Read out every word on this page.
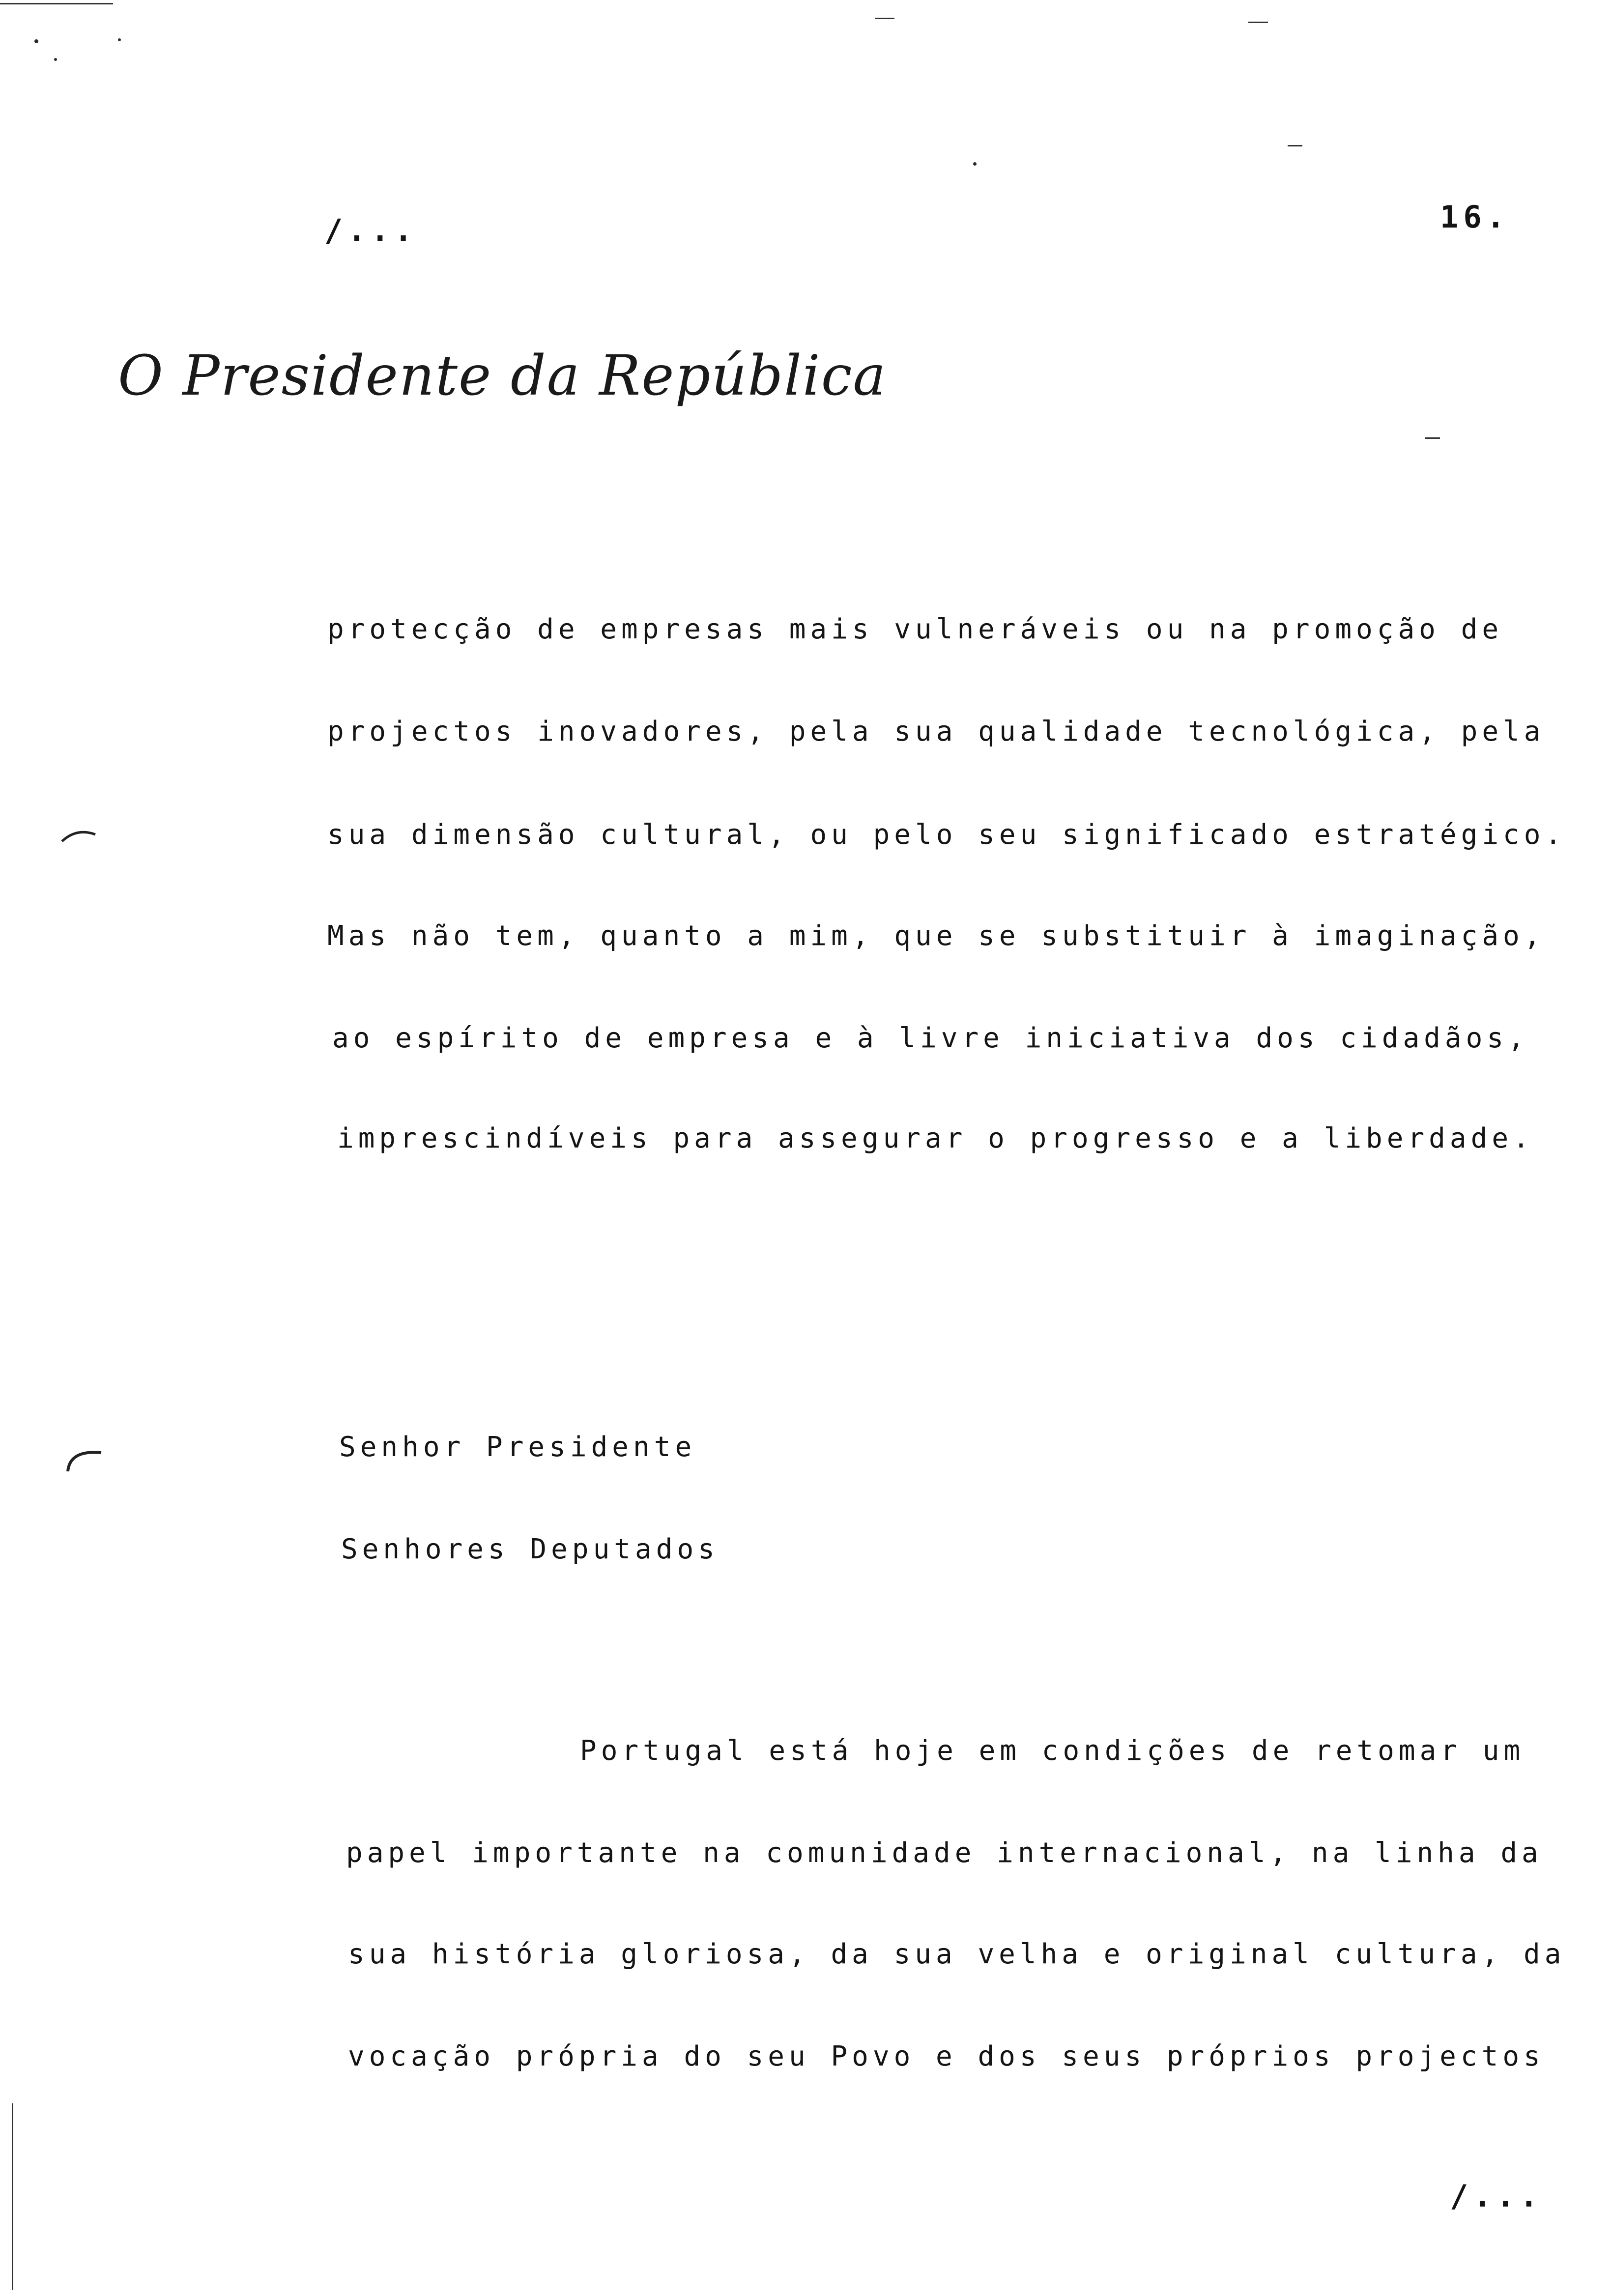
/...	16.
O Presidente da República
protecção de empresas mais vulneráveis ou na promoção de
projectos inovadores, pela sua qualidade tecnológica, pela
sua dimensão cultural, ou pelo seu significado estratégico.
Mas não tem, quanto a mim, que se substituir à imaginação,
ao espírito de empresa e à livre iniciativa dos cidadãos,
imprescindíveis para assegurar o progresso e a liberdade.
Senhor Presidente
Senhores Deputados
Portugal está hoje em condições de retomar um
papel importante na comunidade internacional, na linha da
sua história gloriosa, da sua velha e original cultura, da
vocação própria do seu Povo e dos seus próprios projectos
/...
